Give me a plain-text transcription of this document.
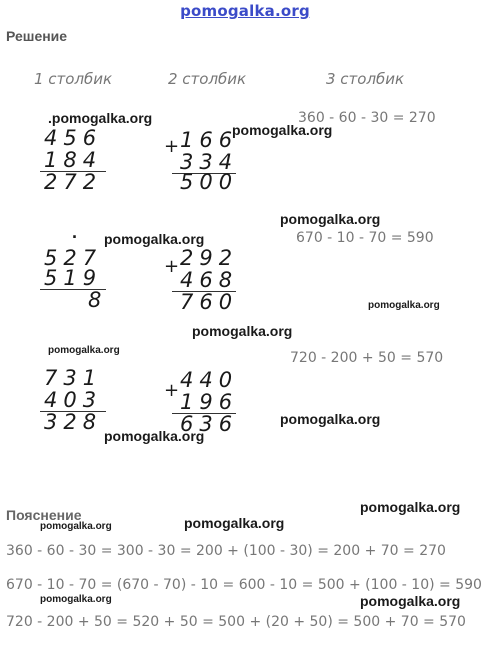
pomogalka.org
Решение
1 столбик	2 столбик	3 столбик
.pomogalka.org
456
184
272
+ 166
334
500
pomogalka.org
360 - 60 - 30 = 270
. pomogalka.org
527
519
8
+ 292
468
760
pomogalka.org
670 - 10 - 70 = 590
pomogalka.org
pomogalka.org
pomogalka.org
731
403
328
+ 440
196
636
720 - 200 + 50 = 570
pomogalka.org
pomogalka.org
Пояснение	pomogalka.org
pomogalka.org	pomogalka.org
360 - 60 - 30 = 300 - 30 = 200 + (100 - 30) = 200 + 70 = 270
670 - 10 - 70 = (670 - 70) - 10 = 600 - 10 = 500 + (100 - 10) = 590
pomogalka.org	pomogalka.org
720 - 200 + 50 = 520 + 50 = 500 + (20 + 50) = 500 + 70 = 570
